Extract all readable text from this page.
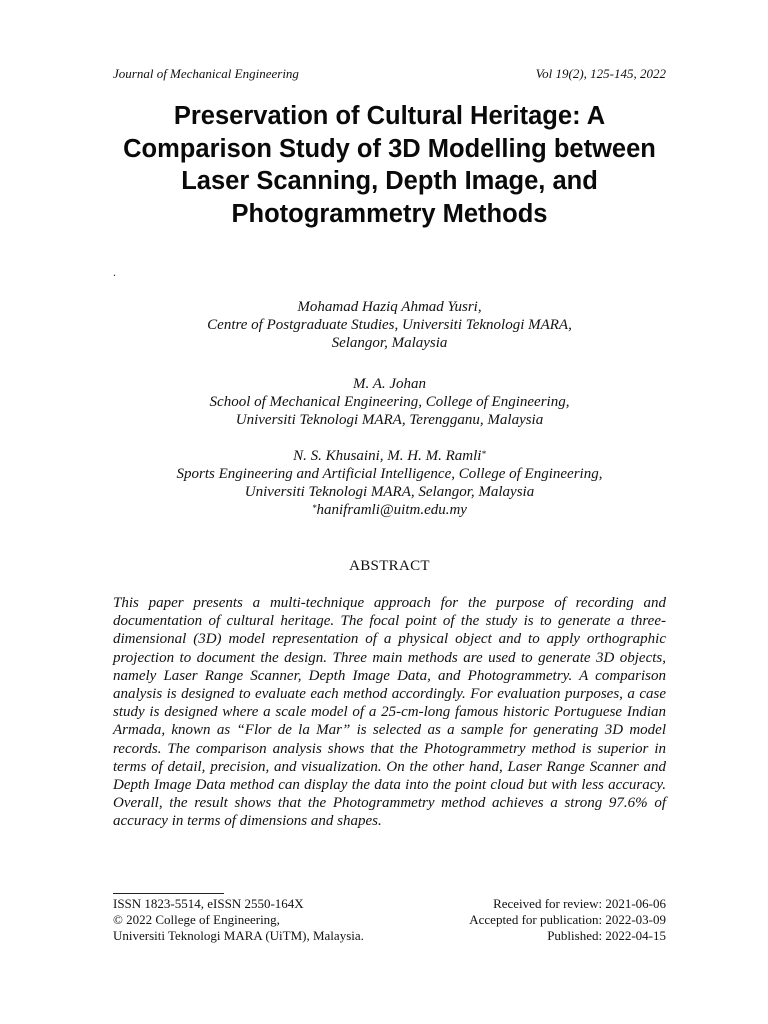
Journal of Mechanical Engineering	Vol 19(2), 125-145, 2022
Preservation of Cultural Heritage: A Comparison Study of 3D Modelling between Laser Scanning, Depth Image, and Photogrammetry Methods
.
Mohamad Haziq Ahmad Yusri,
Centre of Postgraduate Studies, Universiti Teknologi MARA,
Selangor, Malaysia
M. A. Johan
School of Mechanical Engineering, College of Engineering,
Universiti Teknologi MARA, Terengganu, Malaysia
N. S. Khusaini, M. H. M. Ramli*
Sports Engineering and Artificial Intelligence, College of Engineering,
Universiti Teknologi MARA, Selangor, Malaysia
*haniframli@uitm.edu.my
ABSTRACT

This paper presents a multi-technique approach for the purpose of recording and documentation of cultural heritage. The focal point of the study is to generate a three-dimensional (3D) model representation of a physical object and to apply orthographic projection to document the design. Three main methods are used to generate 3D objects, namely Laser Range Scanner, Depth Image Data, and Photogrammetry. A comparison analysis is designed to evaluate each method accordingly. For evaluation purposes, a case study is designed where a scale model of a 25-cm-long famous historic Portuguese Indian Armada, known as “Flor de la Mar” is selected as a sample for generating 3D model records. The comparison analysis shows that the Photogrammetry method is superior in terms of detail, precision, and visualization. On the other hand, Laser Range Scanner and Depth Image Data method can display the data into the point cloud but with less accuracy. Overall, the result shows that the Photogrammetry method achieves a strong 97.6% of accuracy in terms of dimensions and shapes.

ISSN 1823-5514, eISSN 2550-164X
© 2022 College of Engineering,
Universiti Teknologi MARA (UiTM), Malaysia.
Received for review: 2021-06-06
Accepted for publication: 2022-03-09
Published: 2022-04-15
